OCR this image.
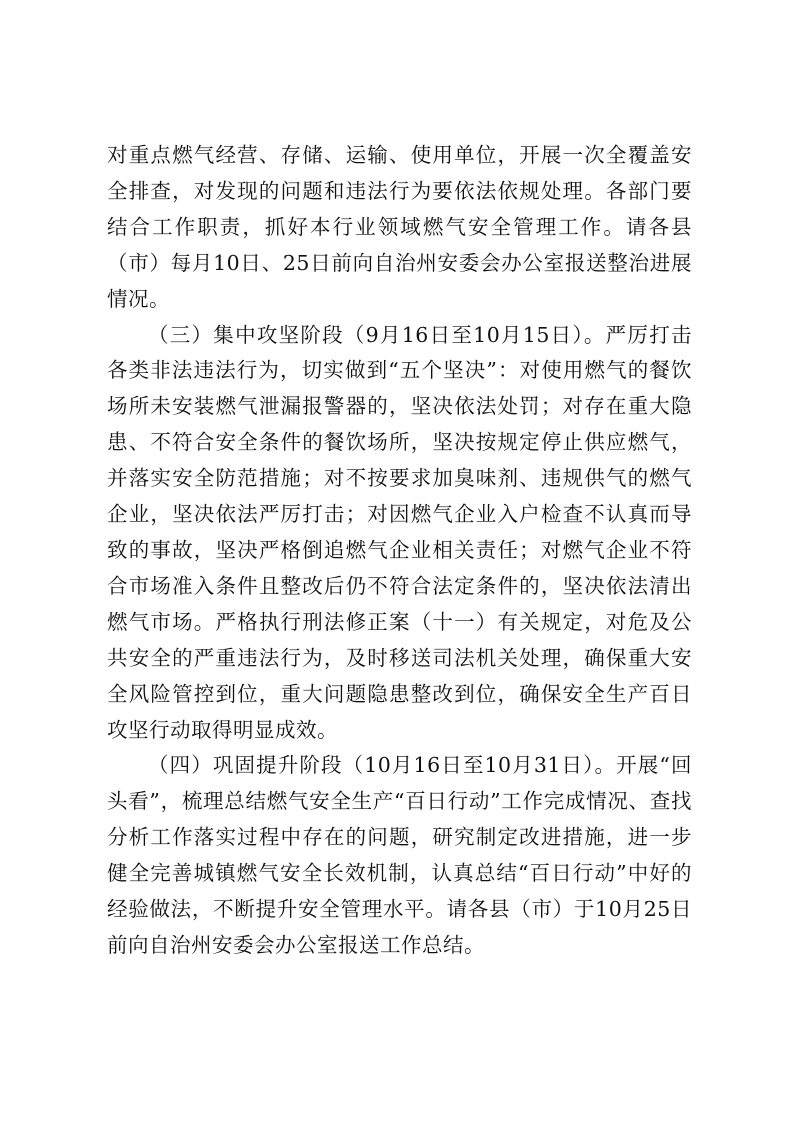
对重点燃气经营、存储、运输、使用单位，开展一次全覆盖安全排查，对发现的问题和违法行为要依法依规处理。各部门要结合工作职责，抓好本行业领域燃气安全管理工作。请各县（市）每月10日、25日前向自治州安委会办公室报送整治进展情况。

（三）集中攻坚阶段（9月16日至10月15日）。严厉打击各类非法违法行为，切实做到“五个坚决”：对使用燃气的餐饮场所未安装燃气泄漏报警器的，坚决依法处罚；对存在重大隐患、不符合安全条件的餐饮场所，坚决按规定停止供应燃气，并落实安全防范措施；对不按要求加臭味剂、违规供气的燃气企业，坚决依法严厉打击；对因燃气企业入户检查不认真而导致的事故，坚决严格倒追燃气企业相关责任；对燃气企业不符合市场准入条件且整改后仍不符合法定条件的，坚决依法清出燃气市场。严格执行刑法修正案（十一）有关规定，对危及公共安全的严重违法行为，及时移送司法机关处理，确保重大安全风险管控到位，重大问题隐患整改到位，确保安全生产百日攻坚行动取得明显成效。

（四）巩固提升阶段（10月16日至10月31日）。开展“回头看”，梳理总结燃气安全生产“百日行动”工作完成情况、查找分析工作落实过程中存在的问题，研究制定改进措施，进一步健全完善城镇燃气安全长效机制，认真总结“百日行动”中好的经验做法，不断提升安全管理水平。请各县（市）于10月25日前向自治州安委会办公室报送工作总结。
